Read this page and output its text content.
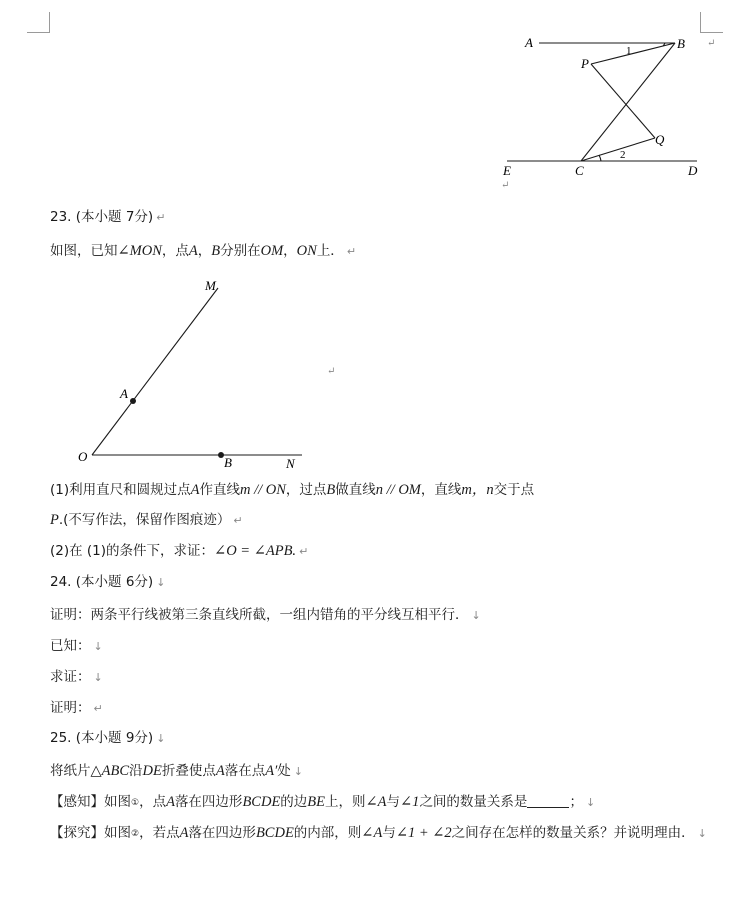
A	B
P
Q
E	C	D
1
2
↵
↵
23. (本小题 7分) ↵
如图，已知∠MON，点A，B分别在OM，ON上． ↵
M
A
O	B	N
↵
(1)利用直尺和圆规过点A作直线m // ON，过点B做直线n // OM，直线m，n交于点P.(不写作法，保留作图痕迹） ↵
(2)在 (1)的条件下，求证：∠O = ∠APB. ↵
24. (本小题 6分) ↓
证明：两条平行线被第三条直线所截，一组内错角的平分线互相平行． ↓
已知： ↓
求证： ↓
证明： ↵
25. (本小题 9分) ↓
将纸片△ABC沿DE折叠使点A落在点A′处 ↓
【感知】如图①，点A落在四边形BCDE的边BE上，则∠A与∠1之间的数量关系是	； ↓
【探究】如图②，若点A落在四边形BCDE的内部，则∠A与∠1 + ∠2之间存在怎样的数量关系？并说明理由． ↓
